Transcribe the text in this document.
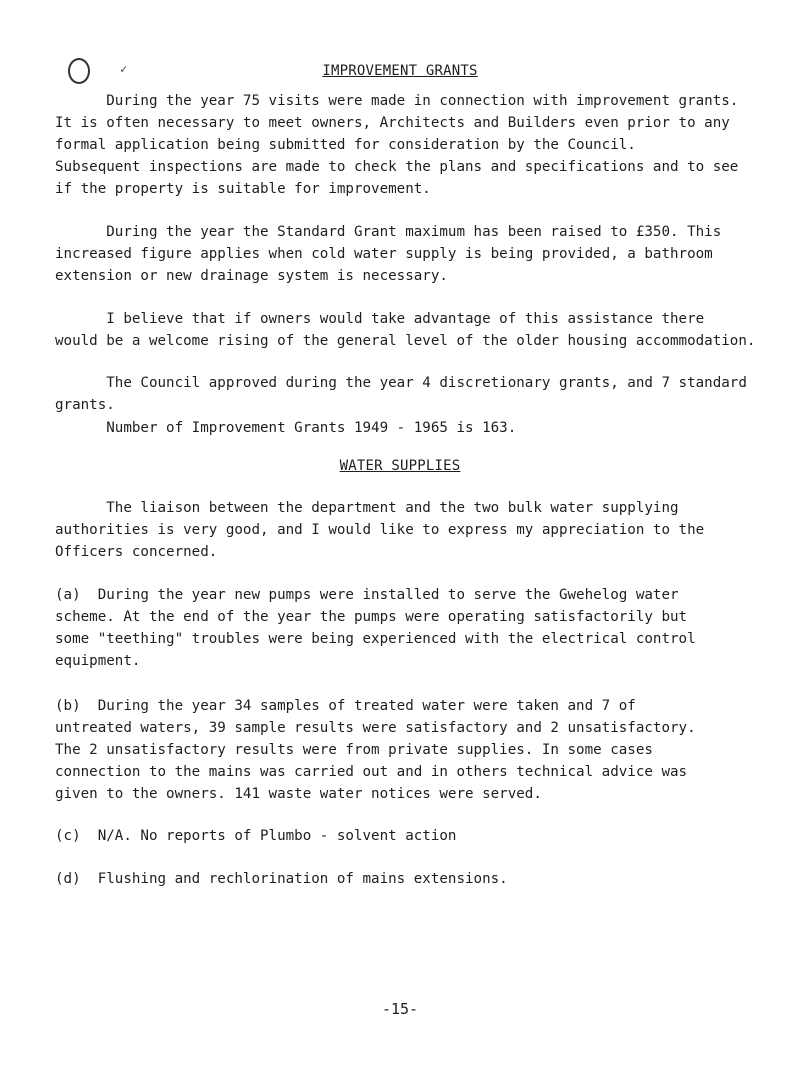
✓	IMPROVEMENT GRANTS

During the year 75 visits were made in connection with improvement grants.

It is often necessary to meet owners, Architects and Builders even prior to any

formal application being submitted for consideration by the Council.

Subsequent inspections are made to check the plans and specifications and to see

if the property is suitable for improvement.

During the year the Standard Grant maximum has been raised to £350. This

increased figure applies when cold water supply is being provided, a bathroom

extension or new drainage system is necessary.

I believe that if owners would take advantage of this assistance there

would be a welcome rising of the general level of the older housing accommodation.

The Council approved during the year 4 discretionary grants, and 7 standard

grants.

Number of Improvement Grants 1949 - 1965 is 163.

WATER SUPPLIES

The liaison between the department and the two bulk water supplying

authorities is very good, and I would like to express my appreciation to the

Officers concerned.

(a)  During the year new pumps were installed to serve the Gwehelog water

scheme. At the end of the year the pumps were operating satisfactorily but

some "teething" troubles were being experienced with the electrical control

equipment.

(b)  During the year 34 samples of treated water were taken and 7 of

untreated waters, 39 sample results were satisfactory and 2 unsatisfactory.

The 2 unsatisfactory results were from private supplies. In some cases

connection to the mains was carried out and in others technical advice was

given to the owners. 141 waste water notices were served.

(c)  N/A. No reports of Plumbo - solvent action

(d)  Flushing and rechlorination of mains extensions.

-15-
